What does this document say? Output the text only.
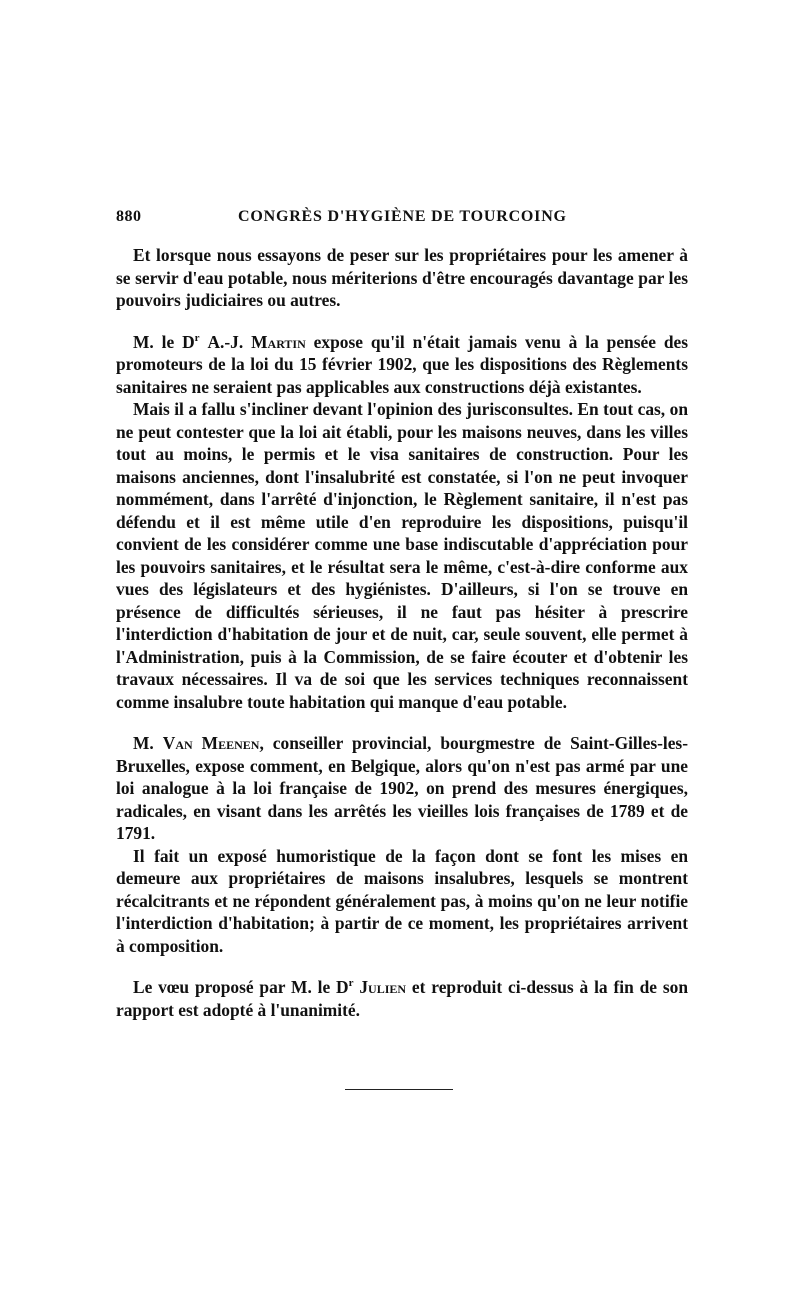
880	CONGRÈS D'HYGIÈNE DE TOURCOING

Et lorsque nous essayons de peser sur les propriétaires pour les amener à se servir d'eau potable, nous mériterions d'être encouragés davantage par les pouvoirs judiciaires ou autres.

M. le $D^r$ A.-J. Martin expose qu'il n'était jamais venu à la pensée des promoteurs de la loi du 15 février 1902, que les dispositions des Règlements sanitaires ne seraient pas applicables aux constructions déjà existantes.

Mais il a fallu s'incliner devant l'opinion des jurisconsultes. En tout cas, on ne peut contester que la loi ait établi, pour les maisons neuves, dans les villes tout au moins, le permis et le visa sanitaires de construction. Pour les maisons anciennes, dont l'insalubrité est constatée, si l'on ne peut invoquer nommément, dans l'arrêté d'injonction, le Règlement sanitaire, il n'est pas défendu et il est même utile d'en reproduire les dispositions, puisqu'il convient de les considérer comme une base indiscutable d'appréciation pour les pouvoirs sanitaires, et le résultat sera le même, c'est-à-dire conforme aux vues des législateurs et des hygiénistes. D'ailleurs, si l'on se trouve en présence de difficultés sérieuses, il ne faut pas hésiter à prescrire l'interdiction d'habitation de jour et de nuit, car, seule souvent, elle permet à l'Administration, puis à la Commission, de se faire écouter et d'obtenir les travaux nécessaires. Il va de soi que les services techniques reconnaissent comme insalubre toute habitation qui manque d'eau potable.

M. Van Meenen, conseiller provincial, bourgmestre de Saint-Gilles-les-Bruxelles, expose comment, en Belgique, alors qu'on n'est pas armé par une loi analogue à la loi française de 1902, on prend des mesures énergiques, radicales, en visant dans les arrêtés les vieilles lois françaises de 1789 et de 1791.

Il fait un exposé humoristique de la façon dont se font les mises en demeure aux propriétaires de maisons insalubres, lesquels se montrent récalcitrants et ne répondent généralement pas, à moins qu'on ne leur notifie l'interdiction d'habitation; à partir de ce moment, les propriétaires arrivent à composition.

Le vœu proposé par M. le $D^r$ Julien et reproduit ci-dessus à la fin de son rapport est adopté à l'unanimité.
